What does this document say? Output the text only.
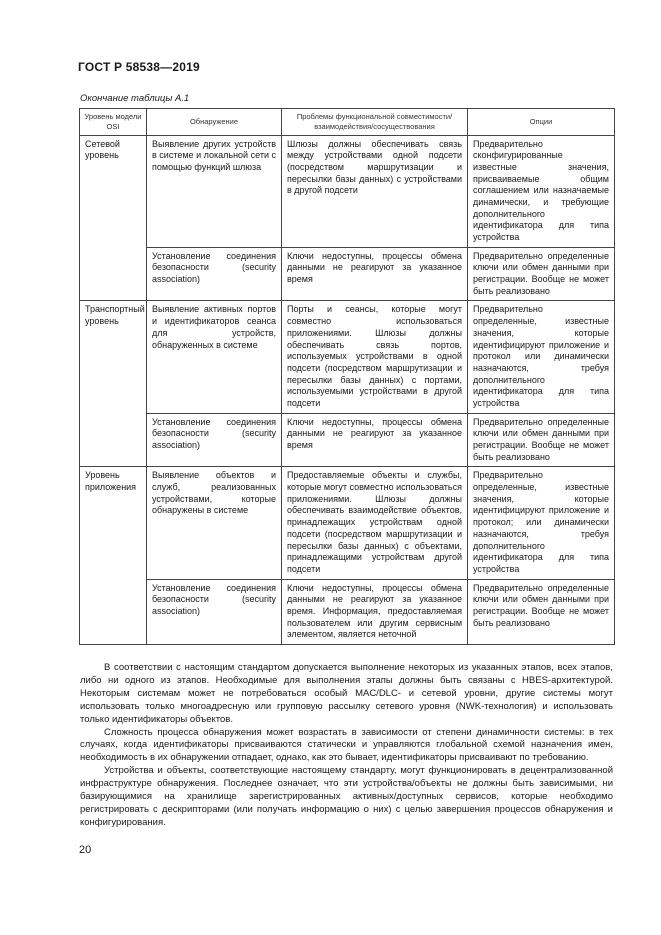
ГОСТ Р 58538—2019
Окончание таблицы А.1
Уровень модели OSI	Обнаружение	Проблемы функциональной совместимости/взаимодействия/сосуществования	Опции
Сетевой уровень	Выявление других устройств в системе и локальной сети с помощью функций шлюза	Шлюзы должны обеспечивать связь между устройствами одной подсети (посредством маршрутизации и пересылки базы данных) с устройствами в другой подсети	Предварительно сконфигурированные известные значения, присваиваемые общим соглашением или назначаемые динамически, и требующие дополнительного идентификатора для типа устройства
	Установление соединения безопасности (security association)	Ключи недоступны, процессы обмена данными не реагируют за указанное время	Предварительно определенные ключи или обмен данными при регистрации. Вообще не может быть реализовано
Транспортный уровень	Выявление активных портов и идентификаторов сеанса для устройств, обнаруженных в системе	Порты и сеансы, которые могут совместно использоваться приложениями. Шлюзы должны обеспечивать связь портов, используемых устройствами в одной подсети (посредством маршрутизации и пересылки базы данных) с портами, используемыми устройствами в другой подсети	Предварительно определенные, известные значения, которые идентифицируют приложение и протокол или динамически назначаются, требуя дополнительного идентификатора для типа устройства
	Установление соединения безопасности (security association)	Ключи недоступны, процессы обмена данными не реагируют за указанное время	Предварительно определенные ключи или обмен данными при регистрации. Вообще не может быть реализовано
Уровень приложения	Выявление объектов и служб, реализованных устройствами, которые обнаружены в системе	Предоставляемые объекты и службы, которые могут совместно использоваться приложениями. Шлюзы должны обеспечивать взаимодействие объектов, принадлежащих устройствам одной подсети (посредством маршрутизации и пересылки базы данных) с объектами, принадлежащими устройствам другой подсети	Предварительно определенные, известные значения, которые идентифицируют приложение и протокол; или динамически назначаются, требуя дополнительного идентификатора для типа устройства
	Установление соединения безопасности (security association)	Ключи недоступны, процессы обмена данными не реагируют за указанное время. Информация, предоставляемая пользователем или другим сервисным элементом, является неточной	Предварительно определенные ключи или обмен данными при регистрации. Вообще не может быть реализовано

В соответствии с настоящим стандартом допускается выполнение некоторых из указанных этапов, всех этапов, либо ни одного из этапов. Необходимые для выполнения этапы должны быть связаны с HBES-архитектурой. Некоторым системам может не потребоваться особый MAC/DLC- и сетевой уровни, другие системы могут использовать только многоадресную или групповую рассылку сетевого уровня (NWK-технология) и использовать только идентификаторы объектов.

Сложность процесса обнаружения может возрастать в зависимости от степени динамичности системы: в тех случаях, когда идентификаторы присваиваются статически и управляются глобальной схемой назначения имен, необходимость в их обнаружении отпадает, однако, как это бывает, идентификаторы присваивают по требованию.

Устройства и объекты, соответствующие настоящему стандарту, могут функционировать в децентрализованной инфраструктуре обнаружения. Последнее означает, что эти устройства/объекты не должны быть зависимыми, ни базирующимися на хранилище зарегистрированных активных/доступных сервисов, которые необходимо регистрировать с дескрипторами (или получать информацию о них) с целью завершения процессов обнаружения и конфигурирования.

20
